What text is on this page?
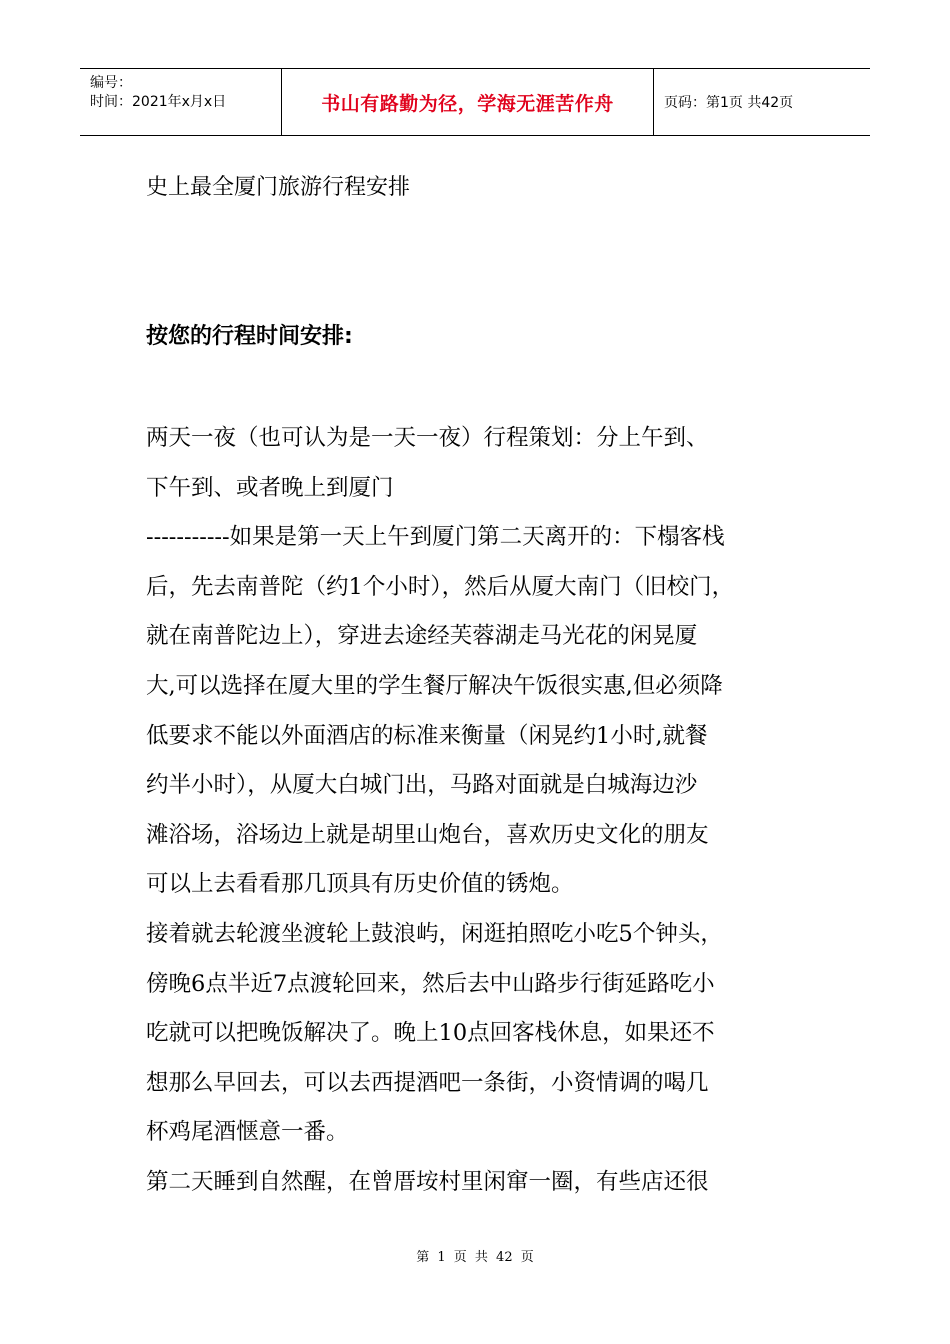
编号：
时间：2021年x月x日	书山有路勤为径，学海无涯苦作舟	页码：第1页 共42页
史上最全厦门旅游行程安排
按您的行程时间安排:
两天一夜（也可认为是一天一夜）行程策划：分上午到、
下午到、或者晚上到厦门
-----------如果是第一天上午到厦门第二天离开的：下榻客栈
后，先去南普陀（约1个小时），然后从厦大南门（旧校门，
就在南普陀边上），穿进去途经芙蓉湖走马光花的闲晃厦
大,可以选择在厦大里的学生餐厅解决午饭很实惠,但必须降
低要求不能以外面酒店的标准来衡量（闲晃约1小时,就餐
约半小时），从厦大白城门出，马路对面就是白城海边沙
滩浴场，浴场边上就是胡里山炮台，喜欢历史文化的朋友
可以上去看看那几顶具有历史价值的锈炮。
接着就去轮渡坐渡轮上鼓浪屿，闲逛拍照吃小吃5个钟头，
傍晚6点半近7点渡轮回来，然后去中山路步行街延路吃小
吃就可以把晚饭解决了。晚上10点回客栈休息，如果还不
想那么早回去，可以去西提酒吧一条街，小资情调的喝几
杯鸡尾酒惬意一番。
第二天睡到自然醒，在曾厝垵村里闲窜一圈，有些店还很
第 1 页 共 42 页
